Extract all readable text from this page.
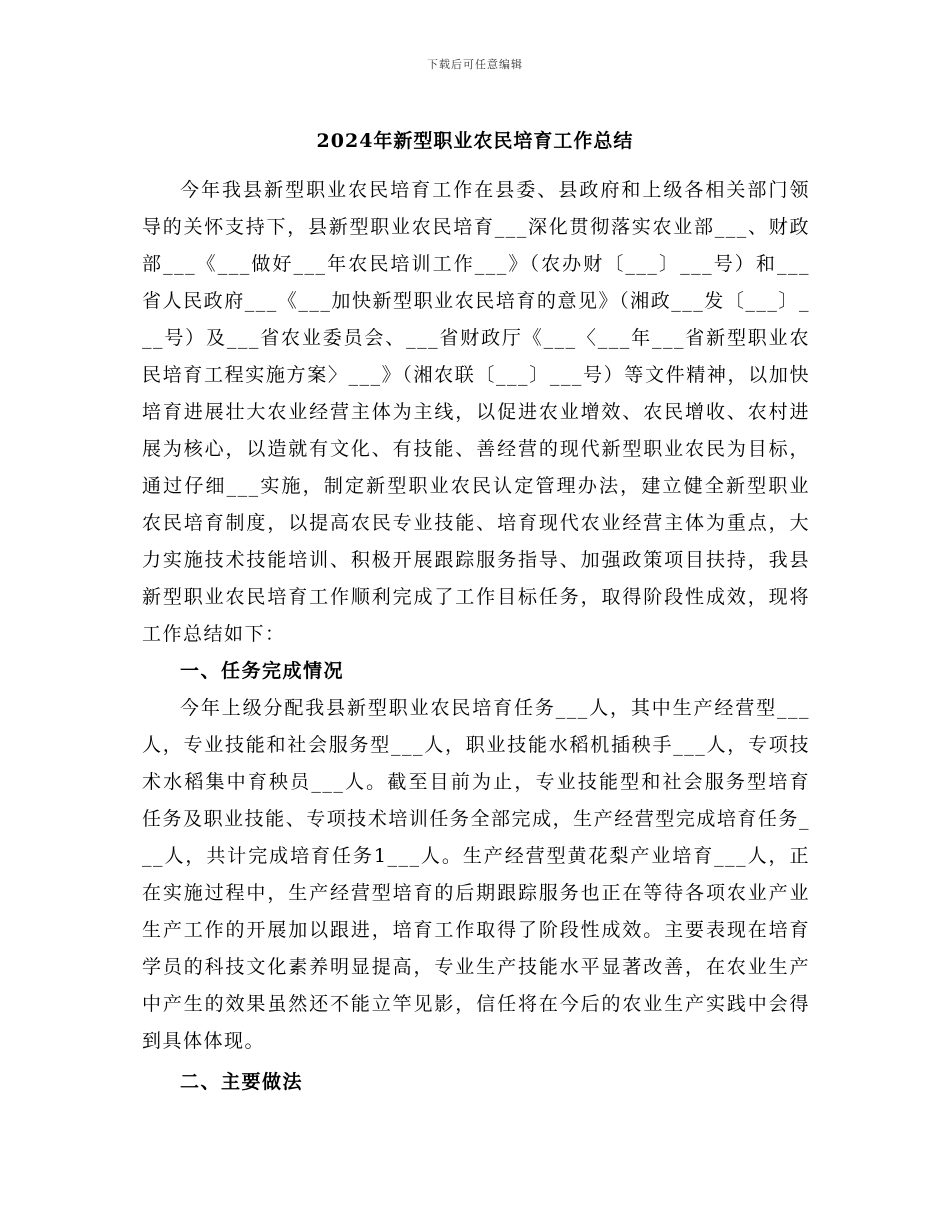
下载后可任意编辑
2024年新型职业农民培育工作总结

今年我县新型职业农民培育工作在县委、县政府和上级各相关部门领导的关怀支持下，县新型职业农民培育___深化贯彻落实农业部___、财政部___《___做好___年农民培训工作___》（农办财〔___〕___号）和___省人民政府___《___加快新型职业农民培育的意见》（湘政___发〔___〕___号）及___省农业委员会、___省财政厅《___〈___年___省新型职业农民培育工程实施方案〉___》（湘农联〔___〕___号）等文件精神，以加快培育进展壮大农业经营主体为主线，以促进农业增效、农民增收、农村进展为核心，以造就有文化、有技能、善经营的现代新型职业农民为目标，通过仔细___实施，制定新型职业农民认定管理办法，建立健全新型职业农民培育制度，以提高农民专业技能、培育现代农业经营主体为重点，大力实施技术技能培训、积极开展跟踪服务指导、加强政策项目扶持，我县新型职业农民培育工作顺利完成了工作目标任务，取得阶段性成效，现将工作总结如下：

一、任务完成情况

今年上级分配我县新型职业农民培育任务___人，其中生产经营型___人，专业技能和社会服务型___人，职业技能水稻机插秧手___人，专项技术水稻集中育秧员___人。截至目前为止，专业技能型和社会服务型培育任务及职业技能、专项技术培训任务全部完成，生产经营型完成培育任务___人，共计完成培育任务1___人。生产经营型黄花梨产业培育___人，正在实施过程中，生产经营型培育的后期跟踪服务也正在等待各项农业产业生产工作的开展加以跟进，培育工作取得了阶段性成效。主要表现在培育学员的科技文化素养明显提高，专业生产技能水平显著改善，在农业生产中产生的效果虽然还不能立竿见影，信任将在今后的农业生产实践中会得到具体体现。

二、主要做法
